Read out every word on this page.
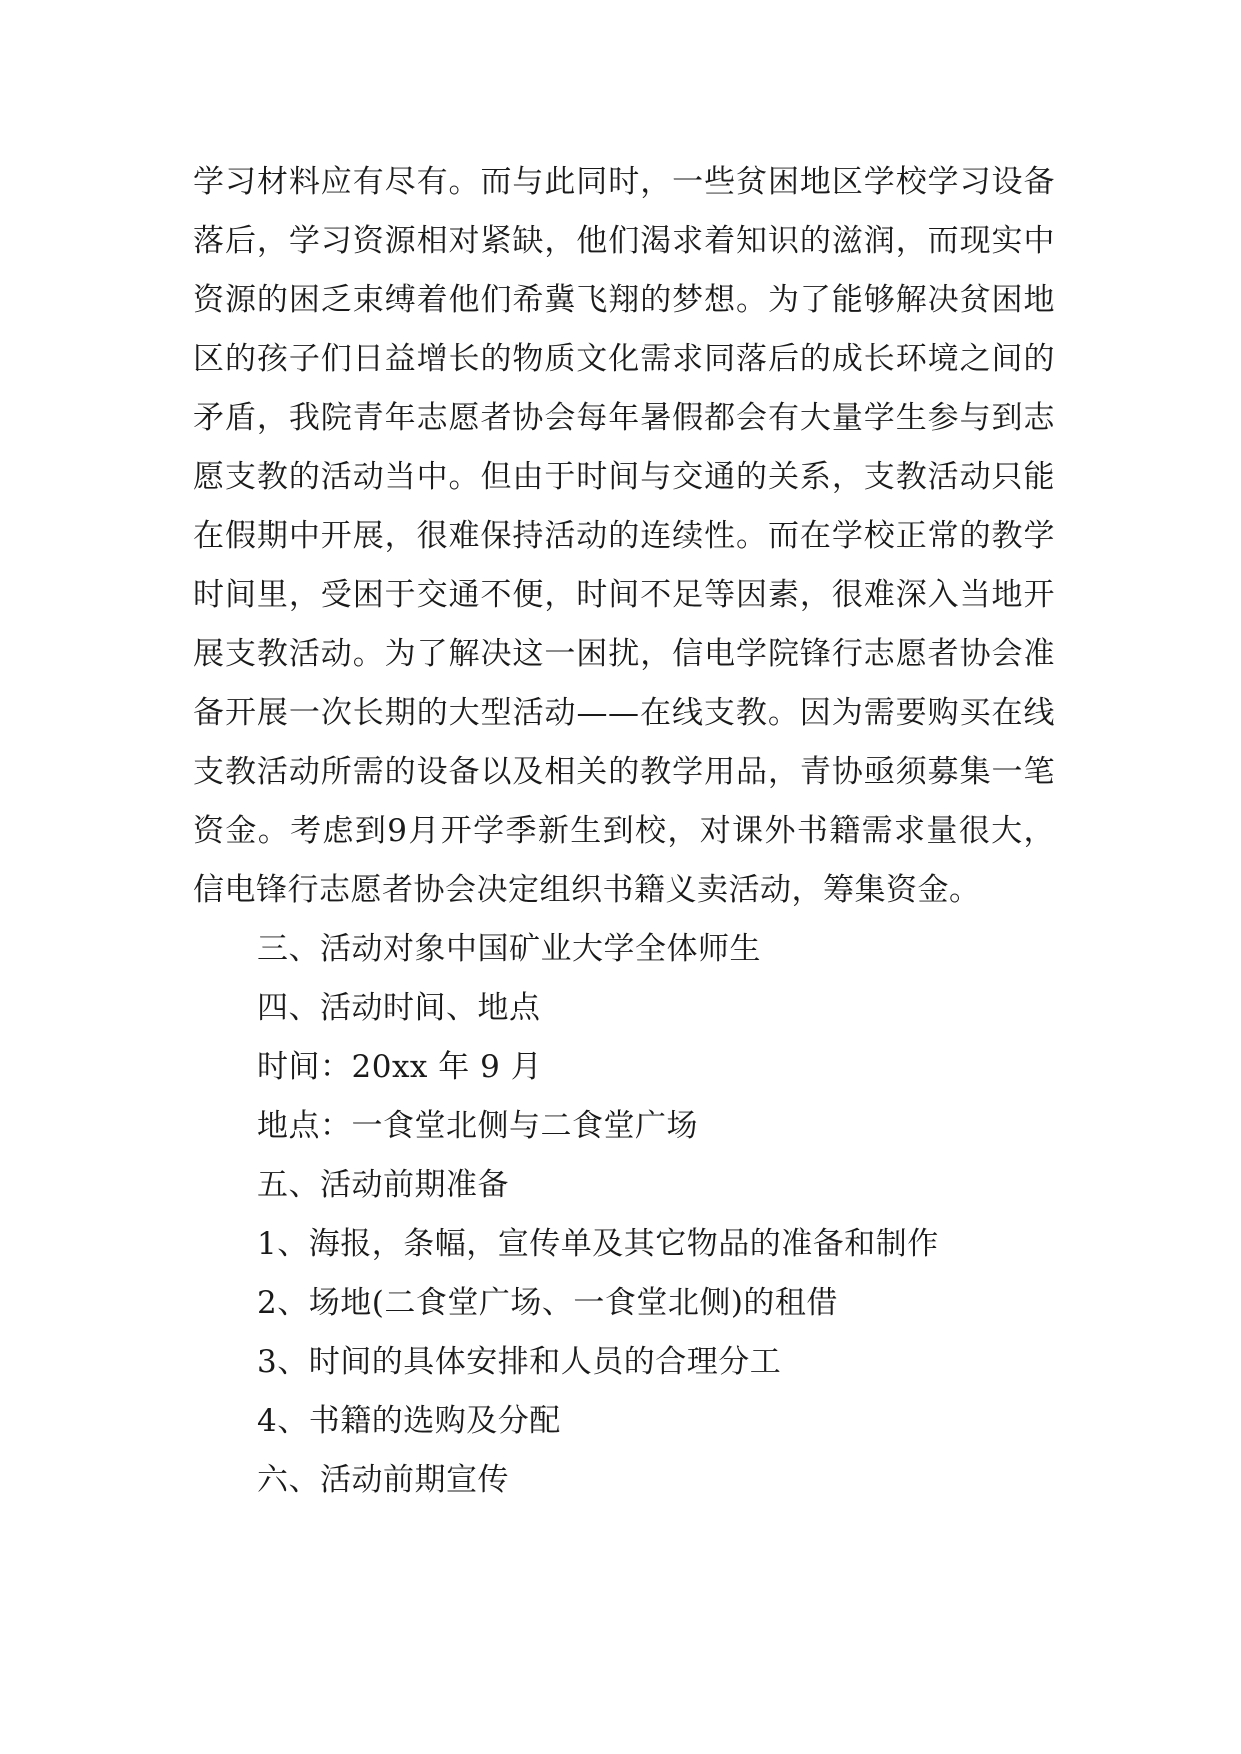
学习材料应有尽有。而与此同时，一些贫困地区学校学习设备落后，学习资源相对紧缺，他们渴求着知识的滋润，而现实中资源的困乏束缚着他们希冀飞翔的梦想。为了能够解决贫困地区的孩子们日益增长的物质文化需求同落后的成长环境之间的矛盾，我院青年志愿者协会每年暑假都会有大量学生参与到志愿支教的活动当中。但由于时间与交通的关系，支教活动只能在假期中开展，很难保持活动的连续性。而在学校正常的教学时间里，受困于交通不便，时间不足等因素，很难深入当地开展支教活动。为了解决这一困扰，信电学院锋行志愿者协会准备开展一次长期的大型活动——在线支教。因为需要购买在线支教活动所需的设备以及相关的教学用品，青协亟须募集一笔资金。考虑到9月开学季新生到校，对课外书籍需求量很大，信电锋行志愿者协会决定组织书籍义卖活动，筹集资金。

三、活动对象中国矿业大学全体师生

四、活动时间、地点

时间：20xx 年 9 月

地点：一食堂北侧与二食堂广场

五、活动前期准备

1、海报，条幅，宣传单及其它物品的准备和制作

2、场地(二食堂广场、一食堂北侧)的租借

3、时间的具体安排和人员的合理分工

4、书籍的选购及分配

六、活动前期宣传
